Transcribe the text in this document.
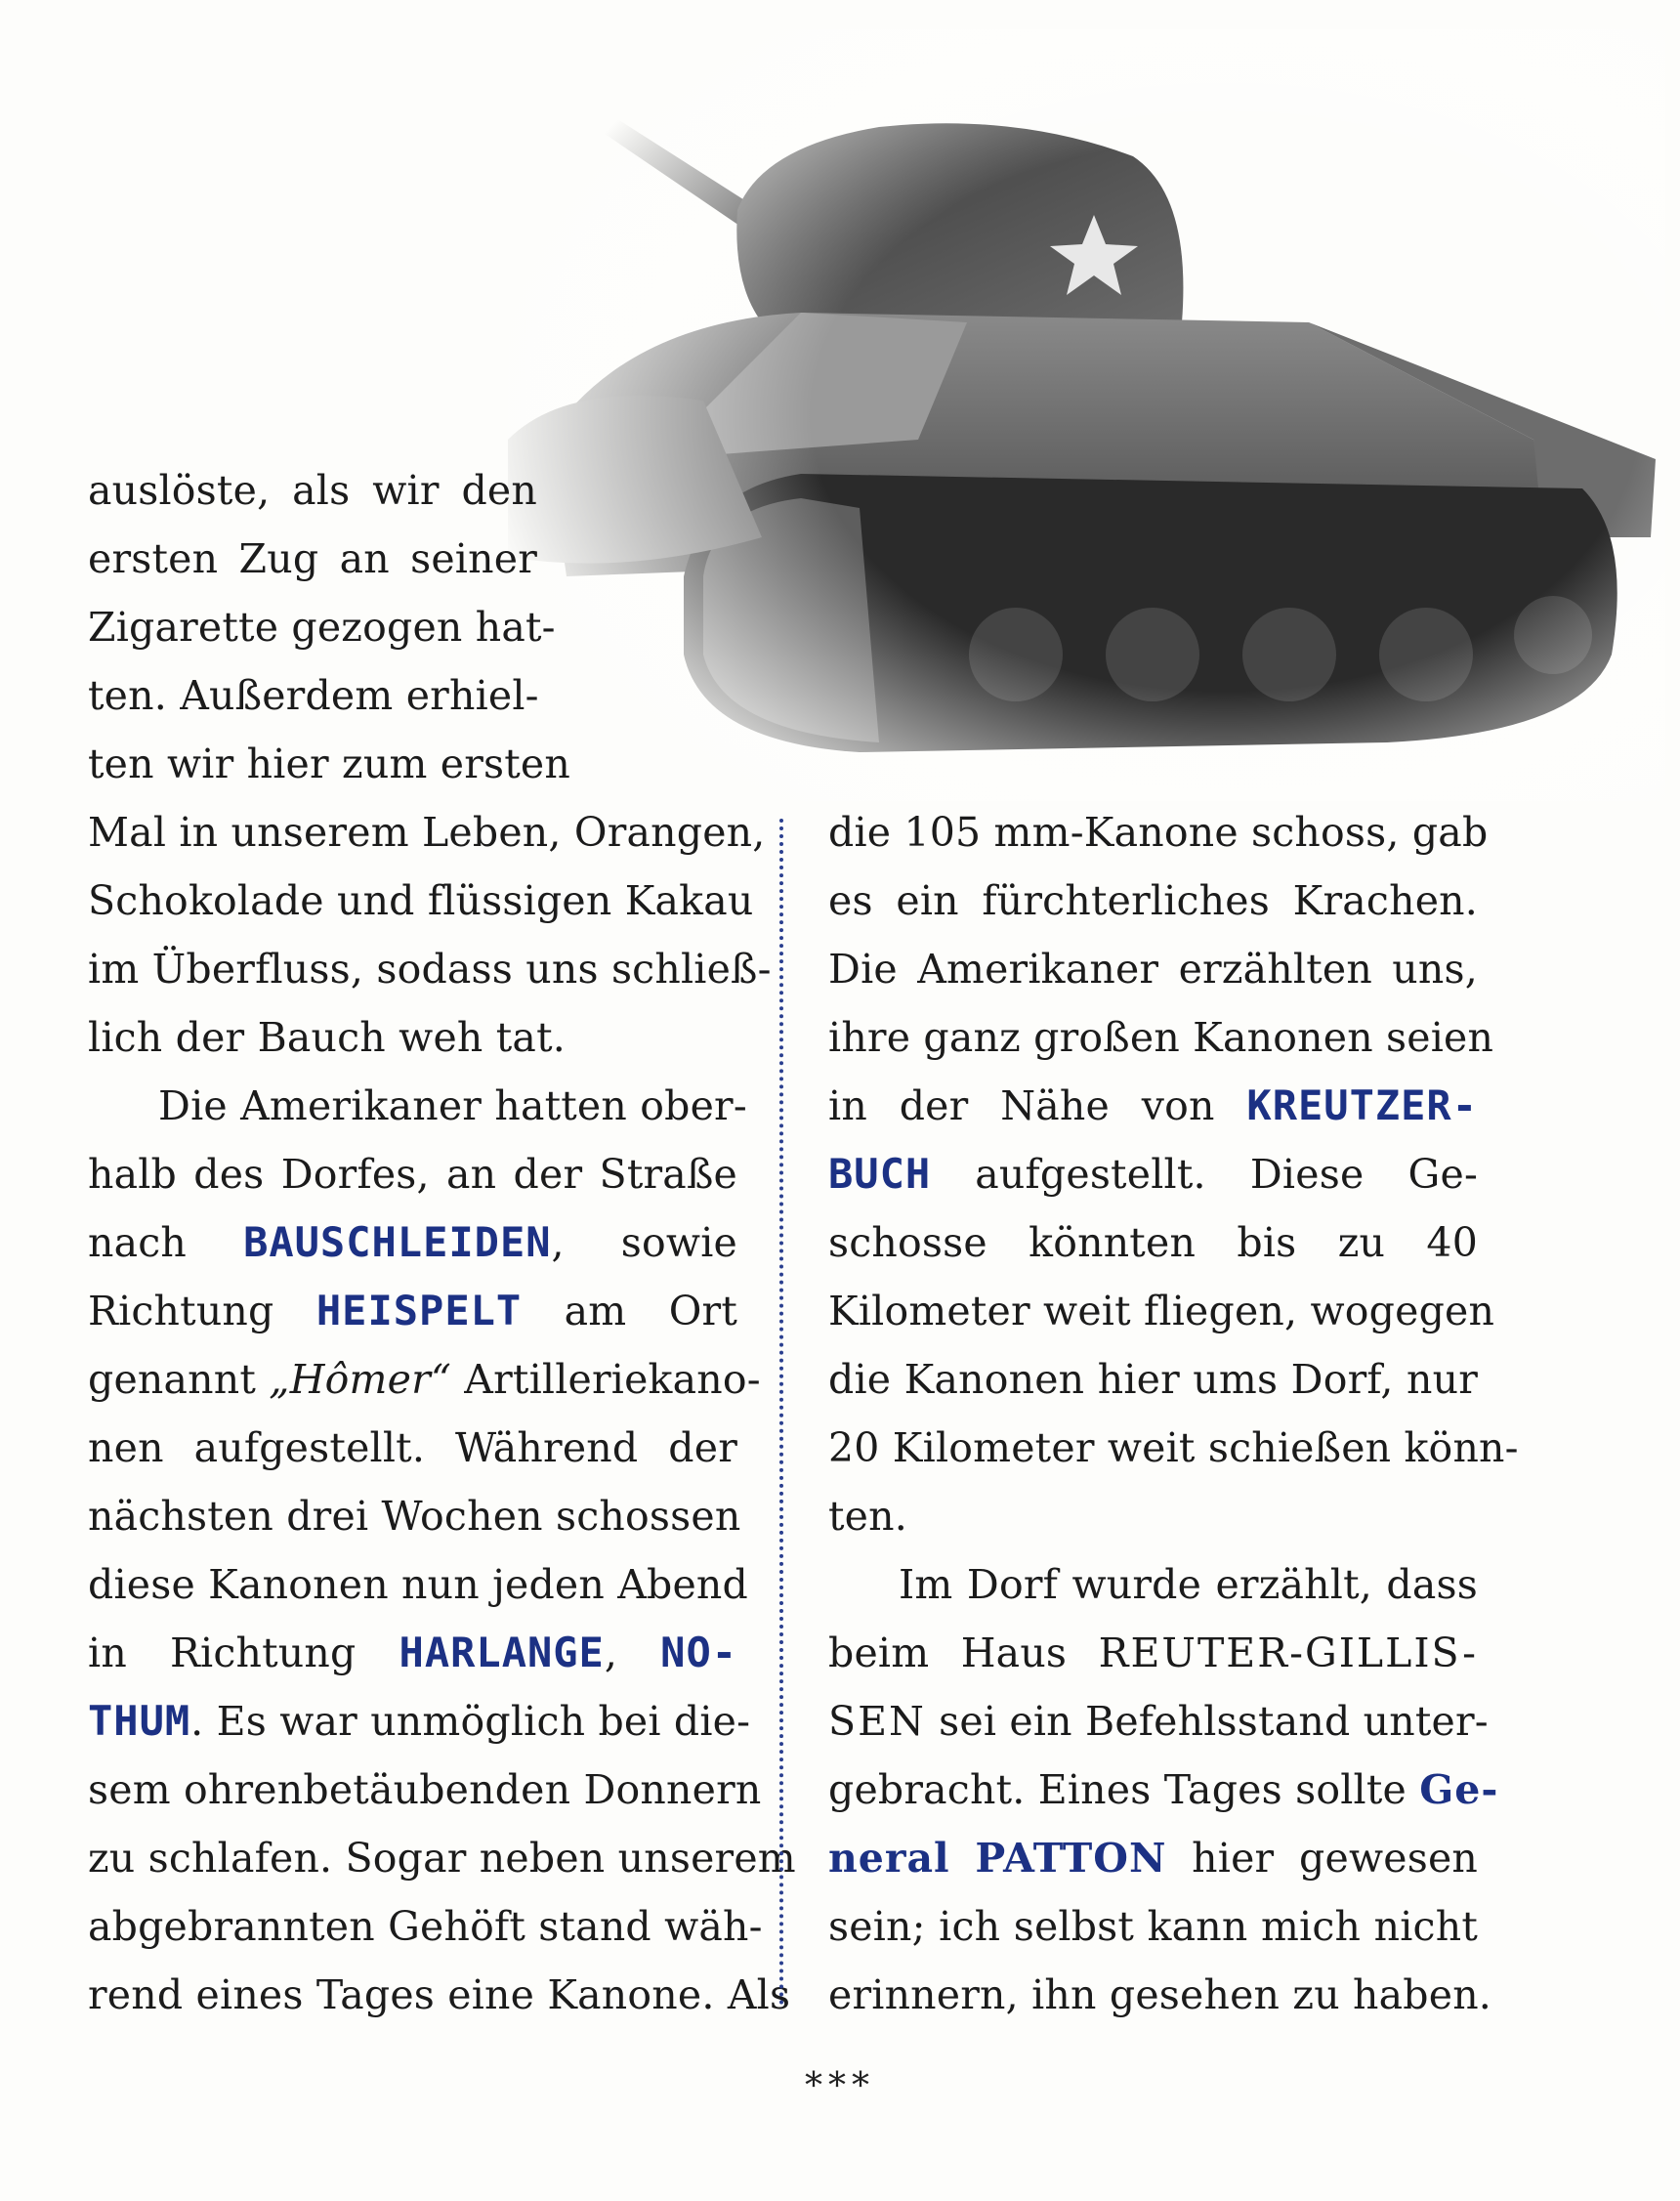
auslöste, als wir den
ersten Zug an seiner
Zigarette gezogen hat-
ten. Außerdem erhiel-
ten wir hier zum ersten
Mal in unserem Leben, Orangen,
Schokolade und flüssigen Kakau
im Überfluss, sodass uns schließ-
lich der Bauch weh tat.
Die Amerikaner hatten ober-
halb des Dorfes, an der Straße
nach BAUSCHLEIDEN, sowie
Richtung HEISPELT am Ort
genannt „Hômer“ Artilleriekano-
nen aufgestellt. Während der
nächsten drei Wochen schossen
diese Kanonen nun jeden Abend
in Richtung HARLANGE, NO-
THUM. Es war unmöglich bei die-
sem ohrenbetäubenden Donnern
zu schlafen. Sogar neben unserem
abgebrannten Gehöft stand wäh-
rend eines Tages eine Kanone. Als
die 105 mm-Kanone schoss, gab
es ein fürchterliches Krachen.
Die Amerikaner erzählten uns,
ihre ganz großen Kanonen seien
in der Nähe von KREUTZER-
BUCH aufgestellt. Diese Ge-
schosse könnten bis zu 40
Kilometer weit fliegen, wogegen
die Kanonen hier ums Dorf, nur
20 Kilometer weit schießen könn-
ten.
Im Dorf wurde erzählt, dass
beim Haus REUTER-GILLIS-
SEN sei ein Befehlsstand unter-
gebracht. Eines Tages sollte Ge-
neral PATTON hier gewesen
sein; ich selbst kann mich nicht
erinnern, ihn gesehen zu haben.
***
